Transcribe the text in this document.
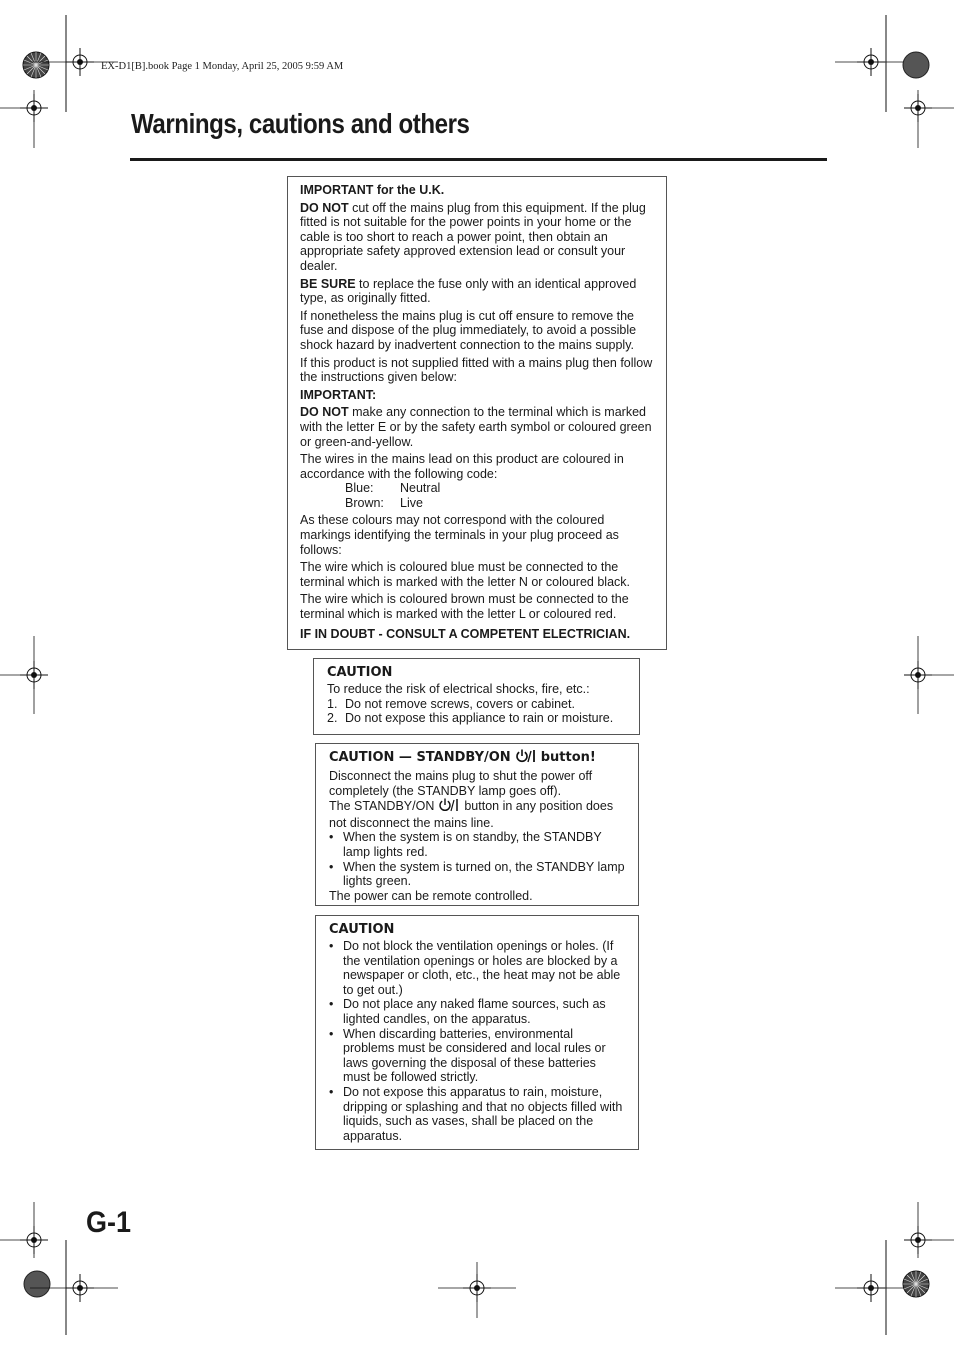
EX-D1[B].book Page 1 Monday, April 25, 2005 9:59 AM
Warnings, cautions and others

IMPORTANT for the U.K.

DO NOT cut off the mains plug from this equipment. If the plug fitted is not suitable for the power points in your home or the cable is too short to reach a power point, then obtain an appropriate safety approved extension lead or consult your dealer.

BE SURE to replace the fuse only with an identical approved type, as originally fitted.

If nonetheless the mains plug is cut off ensure to remove the fuse and dispose of the plug immediately, to avoid a possible shock hazard by inadvertent connection to the mains supply.

If this product is not supplied fitted with a mains plug then follow the instructions given below:

IMPORTANT:

DO NOT make any connection to the terminal which is marked with the letter E or by the safety earth symbol or coloured green or green-and-yellow.

The wires in the mains lead on this product are coloured in accordance with the following code:

Blue:	Neutral
Brown:	Live

As these colours may not correspond with the coloured markings identifying the terminals in your plug proceed as follows:

The wire which is coloured blue must be connected to the terminal which is marked with the letter N or coloured black.

The wire which is coloured brown must be connected to the terminal which is marked with the letter L or coloured red.

IF IN DOUBT - CONSULT A COMPETENT ELECTRICIAN.

CAUTION

To reduce the risk of electrical shocks, fire, etc.:

1. Do not remove screws, covers or cabinet.
2. Do not expose this appliance to rain or moisture.

CAUTION — STANDBY/ON button!

Disconnect the mains plug to shut the power off completely (the STANDBY lamp goes off).

The STANDBY/ON button in any position does not disconnect the mains line.

• When the system is on standby, the STANDBY lamp lights red.
• When the system is turned on, the STANDBY lamp lights green.

The power can be remote controlled.

CAUTION

• Do not block the ventilation openings or holes. (If the ventilation openings or holes are blocked by a newspaper or cloth, etc., the heat may not be able to get out.)
• Do not place any naked flame sources, such as lighted candles, on the apparatus.
• When discarding batteries, environmental problems must be considered and local rules or laws governing the disposal of these batteries must be followed strictly.
• Do not expose this apparatus to rain, moisture, dripping or splashing and that no objects filled with liquids, such as vases, shall be placed on the apparatus.
G-1
